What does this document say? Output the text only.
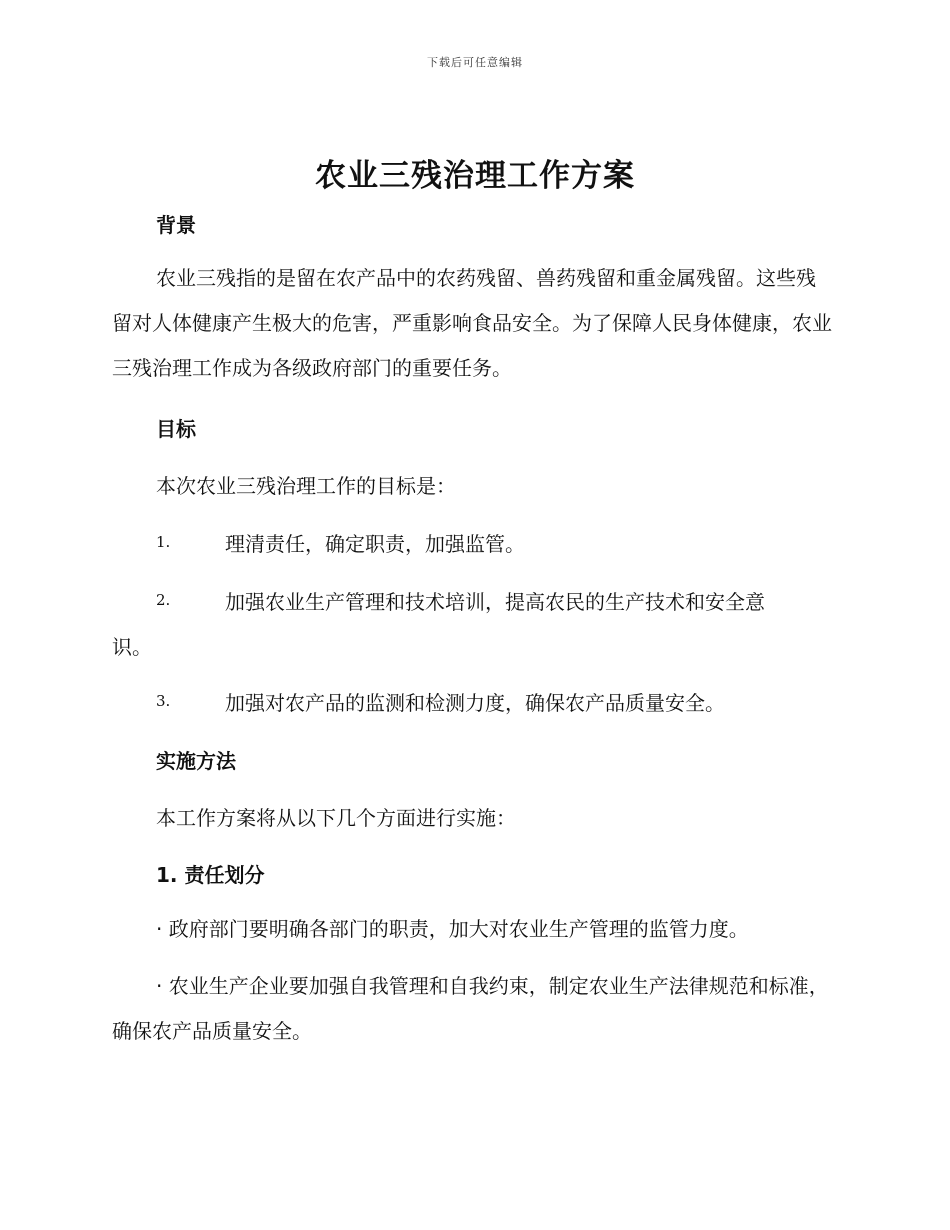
下载后可任意编辑
农业三残治理工作方案
背景

农业三残指的是留在农产品中的农药残留、兽药残留和重金属残留。这些残留对人体健康产生极大的危害，严重影响食品安全。为了保障人民身体健康，农业三残治理工作成为各级政府部门的重要任务。

目标
本次农业三残治理工作的目标是：
1.	理清责任，确定职责，加强监管。
2.	加强农业生产管理和技术培训，提高农民的生产技术和安全意
识。
3.	加强对农产品的监测和检测力度，确保农产品质量安全。
实施方法
本工作方案将从以下几个方面进行实施：
1. 责任划分

· 政府部门要明确各部门的职责，加大对农业生产管理的监管力度。

· 农业生产企业要加强自我管理和自我约束，制定农业生产法律规范和标准，确保农产品质量安全。
